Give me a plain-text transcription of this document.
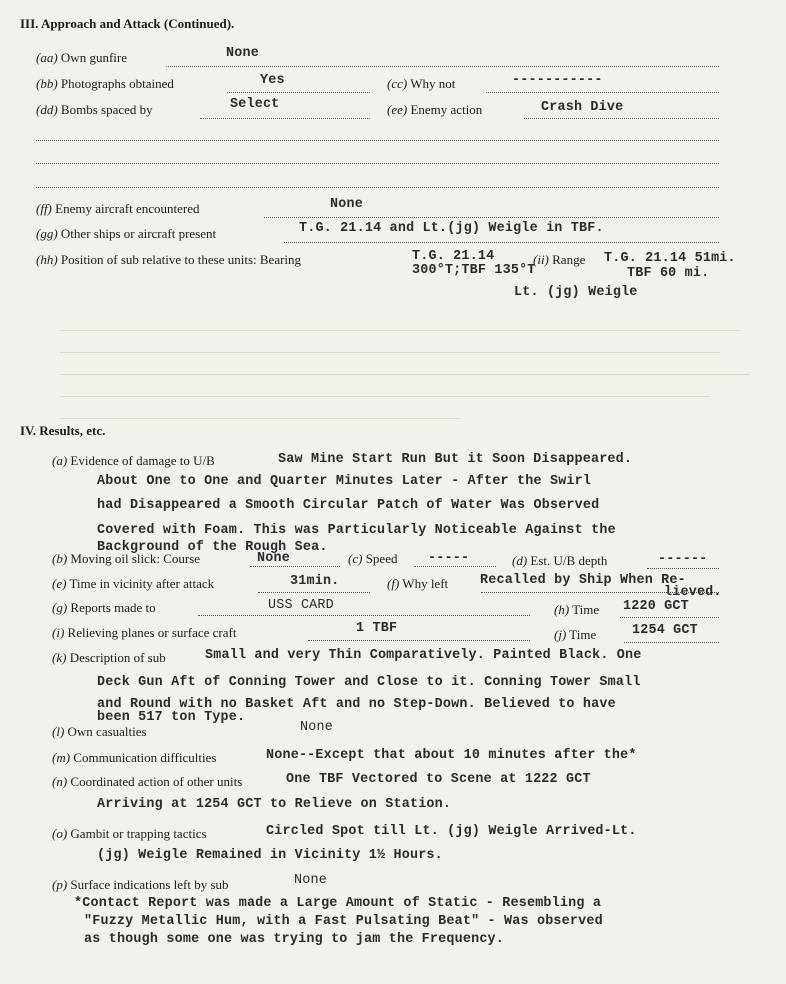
III. Approach and Attack (Continued).
(aa) Own gunfire	None
(bb) Photographs obtained	Yes	(cc) Why not	-----------
(dd) Bombs spaced by	Select	(ee) Enemy action	Crash Dive
(ff) Enemy aircraft encountered	None
(gg) Other ships or aircraft present	T.G. 21.14 and Lt.(jg) Weigle in TBF.
(hh) Position of sub relative to these units: Bearing	T.G. 21.14
300°T;TBF 135°T
(ii) Range T.G. 21.14 51mi.
TBF 60 mi.
Lt. (jg) Weigle
IV. Results, etc.
(a) Evidence of damage to U/B	Saw Mine Start Run But it Soon Disappeared.
About One to One and Quarter Minutes Later - After the Swirl
had Disappeared a Smooth Circular Patch of Water Was Observed
Covered with Foam. This was Particularly Noticeable Against the
Background of the Rough Sea.
(b) Moving oil slick: Course	None	(c) Speed -----	(d) Est. U/B depth	------
(e) Time in vicinity after attack	31min.	(f) Why left Recalled by Ship When Re-
lieved.
(g) Reports made to	USS CARD	(h) Time 1220 GCT
(i) Relieving planes or surface craft	1 TBF	(j) Time	1254 GCT
(k) Description of sub	Small and very Thin Comparatively. Painted Black. One
Deck Gun Aft of Conning Tower and Close to it. Conning Tower Small
and Round with no Basket Aft and no Step-Down. Believed to have
been 517 ton Type.
(l) Own casualties	None
(m) Communication difficulties	None--Except that about 10 minutes after the*
(n) Coordinated action of other units	One TBF Vectored to Scene at 1222 GCT
Arriving at 1254 GCT to Relieve on Station.
(o) Gambit or trapping tactics	Circled Spot till Lt. (jg) Weigle Arrived-Lt.
(jg) Weigle Remained in Vicinity 1½ Hours.
(p) Surface indications left by sub	None
*Contact Report was made a Large Amount of Static - Resembling a
"Fuzzy Metallic Hum, with a Fast Pulsating Beat" - Was observed
as though some one was trying to jam the Frequency.
